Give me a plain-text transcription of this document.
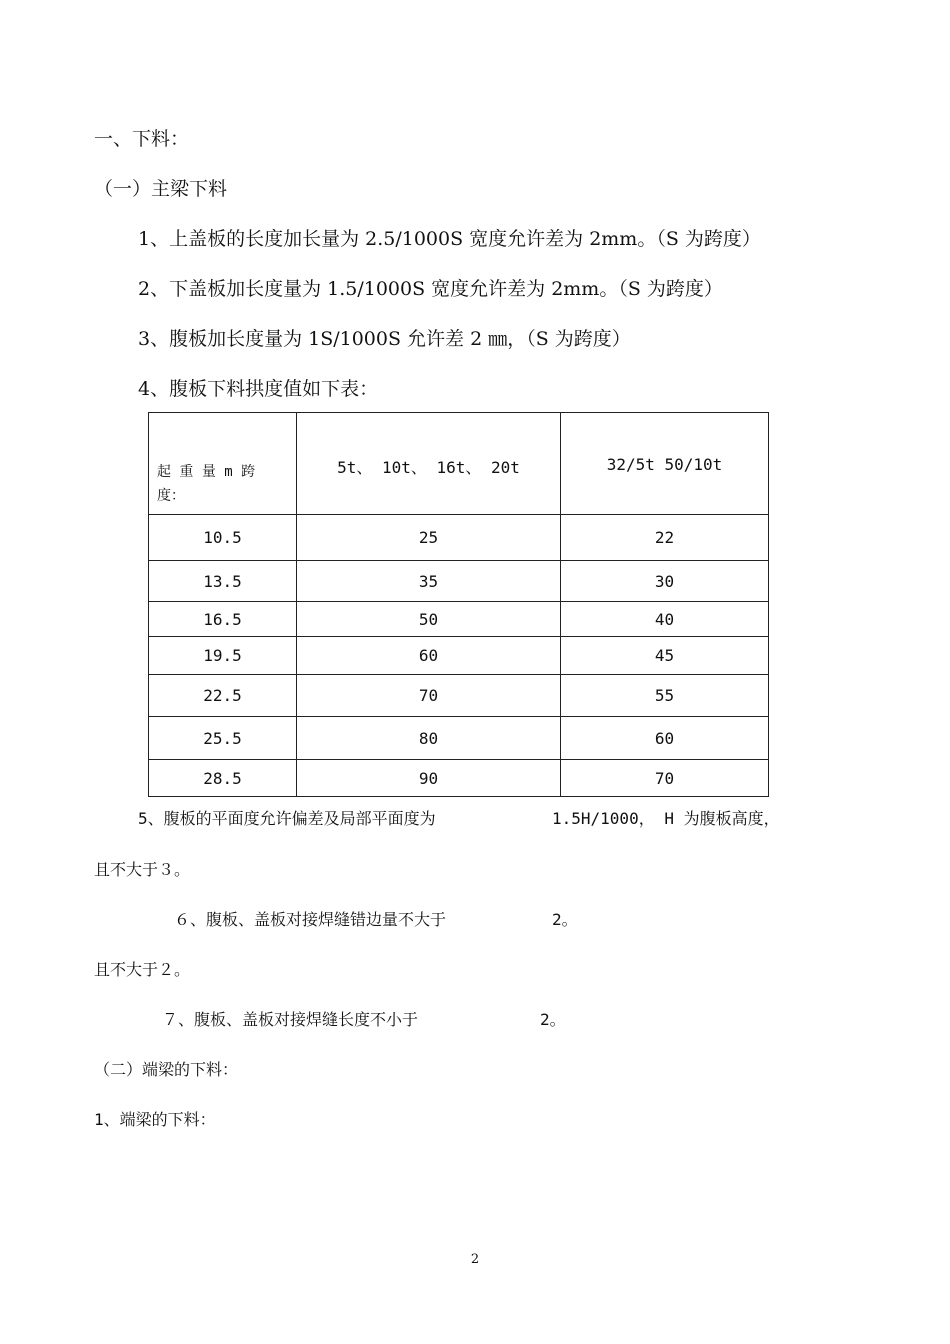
一、下料：
（一）主梁下料
1、上盖板的长度加长量为 2.5/1000S 宽度允许差为 2mm。（S 为跨度）
2、下盖板加长度量为 1.5/1000S 宽度允许差为 2mm。（S 为跨度）
3、腹板加长度量为 1S/1000S 允许差 2 ㎜，（S 为跨度）
4、腹板下料拱度值如下表：
起 重 量 m 跨
度：	5t、 10t、 16t、 20t	32/5t 50/10t
10.5	25	22
13.5	35	30
16.5	50	40
19.5	60	45
22.5	70	55
25.5	80	60
28.5	90	70
5、腹板的平面度允许偏差及局部平面度为	1.5H/1000， H 为腹板高度，
且不大于３。
６、腹板、盖板对接焊缝错边量不大于	2。
且不大于２。
７、腹板、盖板对接焊缝长度不小于	2。
（二）端梁的下料：
1、端梁的下料：
2
